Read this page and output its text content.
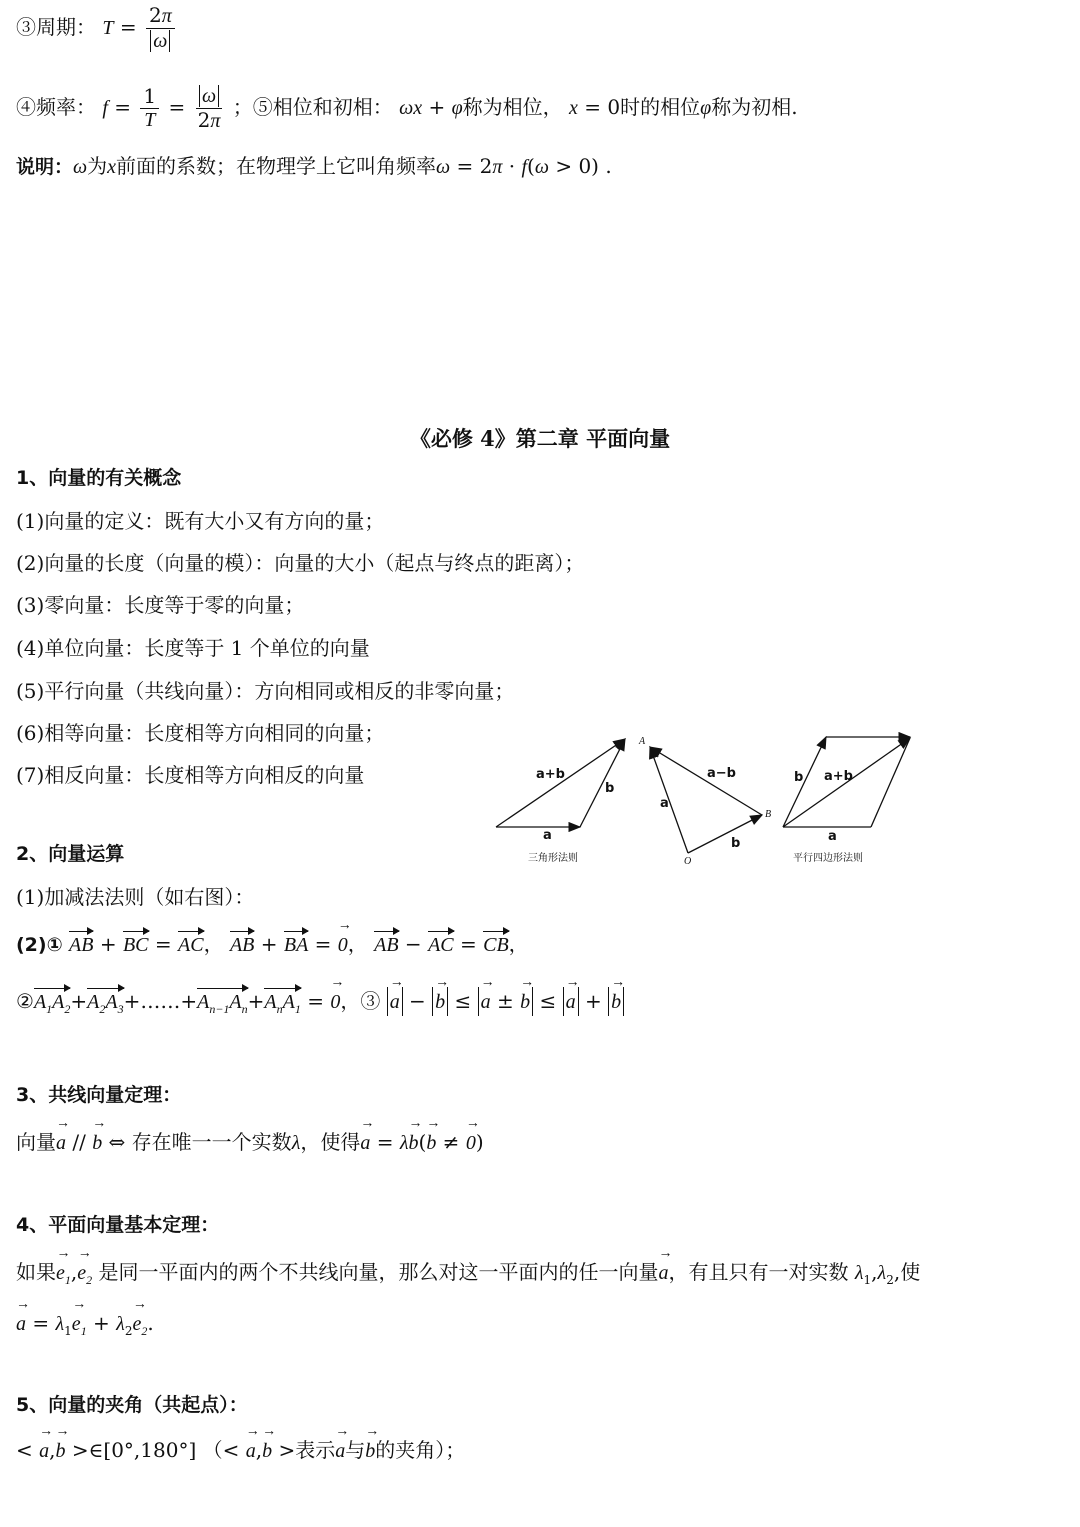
③周期： $T = \frac{2\pi}{\omega}$
④频率： $f = \frac{1}{T} = \frac{\omega}{2\pi}$ ；⑤相位和初相： ωx + φ称为相位， x = 0时的相位φ称为初相.
说明：ω为x前面的系数；在物理学上它叫角频率ω = 2π · f(ω > 0) .
《必修 4》第二章 平面向量
1、向量的有关概念
(1)向量的定义：既有大小又有方向的量；
(2)向量的长度（向量的模）：向量的大小（起点与终点的距离）；
(3)零向量：长度等于零的向量；
(4)单位向量：长度等于 1 个单位的向量
(5)平行向量（共线向量）：方向相同或相反的非零向量；
(6)相等向量：长度相等方向相同的向量；
(7)相反向量：长度相等方向相反的向量	a+b
b
a
a−b
a
b
b a+b
a
A
B
O
三角形法则	平行四边形法则
2、向量运算
(1)加减法法则（如右图）：
(2)① AB + BC = AC， AB + BA = → 0， AB − AC = CB，
$②A_1A_2+A_2A_3+\dots\dots+A_{n-1}A_n+A_nA_1$ = → 0，③ → a − → b ≤ → a ± → b ≤ → a + → b
3、共线向量定理：
向量→ a // → b ⇔ 存在唯一一个实数λ，使得→ a = λ→ b(→ b ≠ → 0)
4、平面向量基本定理：
如果→ $e_1,\to e_2$ 是同一平面内的两个不共线向量，那么对这一平面内的任一向量→ a，有且只有一对实数 $\lambda_1,\lambda_2$,使
→ $a = \lambda_1\to e_1 + \lambda_2\to e_2$.
5、向量的夹角（共起点）：
< → a,→ b >∈[0°,180°] （< → a,→ b >表示→ a与→ b的夹角）；
